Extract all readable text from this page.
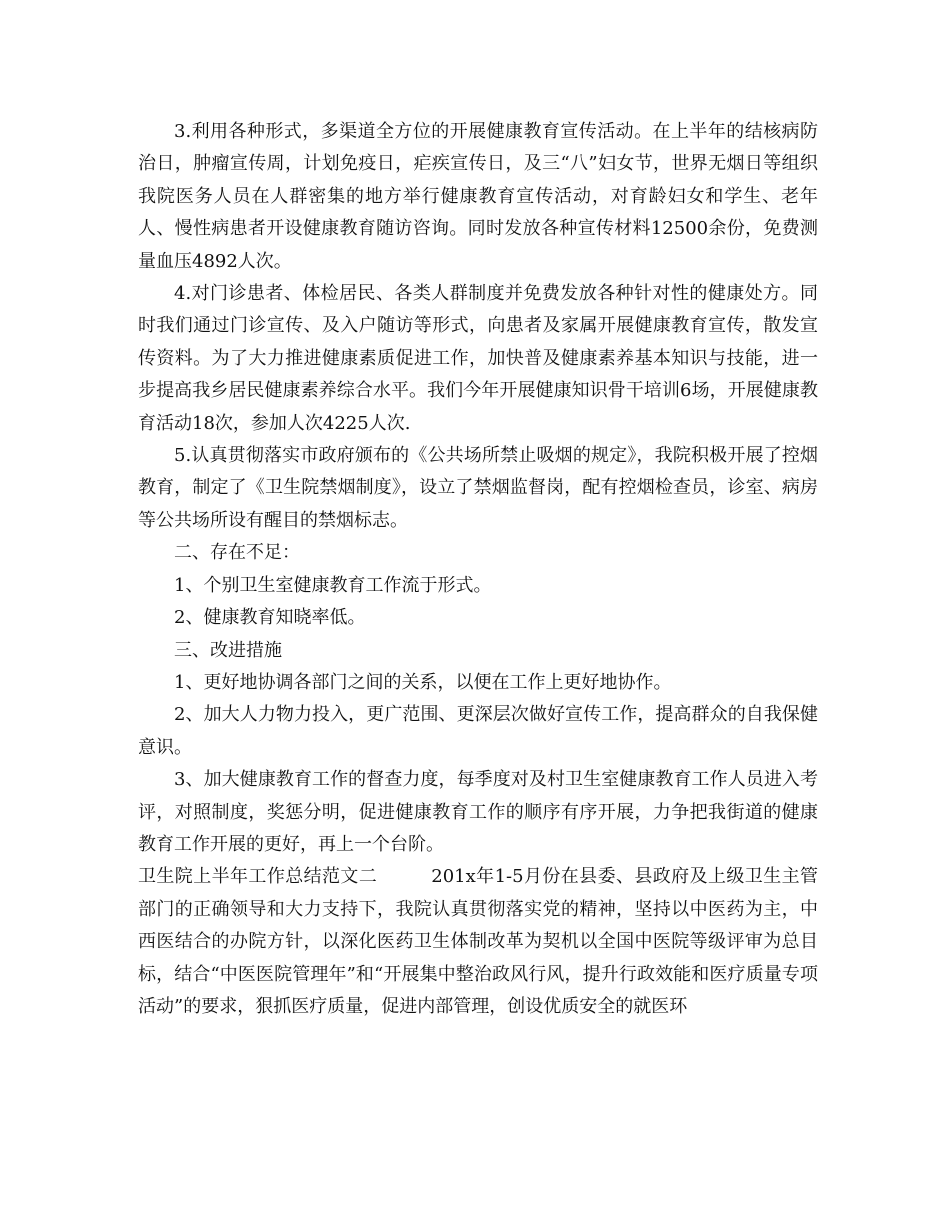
3.利用各种形式，多渠道全方位的开展健康教育宣传活动。在上半年的结核病防治日，肿瘤宣传周，计划免疫日，疟疾宣传日，及三“八”妇女节，世界无烟日等组织我院医务人员在人群密集的地方举行健康教育宣传活动，对育龄妇女和学生、老年人、慢性病患者开设健康教育随访咨询。同时发放各种宣传材料12500余份，免费测量血压4892人次。

4.对门诊患者、体检居民、各类人群制度并免费发放各种针对性的健康处方。同时我们通过门诊宣传、及入户随访等形式，向患者及家属开展健康教育宣传，散发宣传资料。为了大力推进健康素质促进工作，加快普及健康素养基本知识与技能，进一步提高我乡居民健康素养综合水平。我们今年开展健康知识骨干培训6场，开展健康教育活动18次，参加人次4225人次.

5.认真贯彻落实市政府颁布的《公共场所禁止吸烟的规定》，我院积极开展了控烟教育，制定了《卫生院禁烟制度》，设立了禁烟监督岗，配有控烟检查员，诊室、病房等公共场所设有醒目的禁烟标志。

二、存在不足：

1、个别卫生室健康教育工作流于形式。

2、健康教育知晓率低。

三、改进措施

1、更好地协调各部门之间的关系，以便在工作上更好地协作。

2、加大人力物力投入，更广范围、更深层次做好宣传工作，提高群众的自我保健意识。

3、加大健康教育工作的督查力度，每季度对及村卫生室健康教育工作人员进入考评，对照制度，奖惩分明，促进健康教育工作的顺序有序开展，力争把我街道的健康教育工作开展的更好，再上一个台阶。

卫生院上半年工作总结范文二	201x年1-5月份在县委、县政府及上级卫生主管部门的正确领导和大力支持下，我院认真贯彻落实党的精神，坚持以中医药为主，中西医结合的办院方针，以深化医药卫生体制改革为契机以全国中医院等级评审为总目标，结合“中医医院管理年”和“开展集中整治政风行风，提升行政效能和医疗质量专项活动”的要求，狠抓医疗质量，促进内部管理，创设优质安全的就医环
